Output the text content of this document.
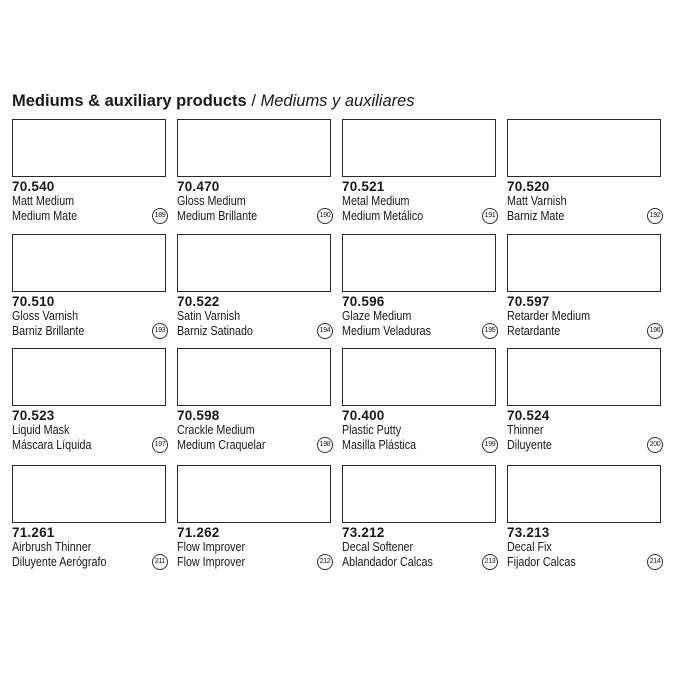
Mediums & auxiliary products / Mediums y auxiliares
70.540
Matt Medium
Medium Mate	189
70.470
Gloss Medium
Medium Brillante	190
70.521
Metal Medium
Medium Metálico	191
70.520
Matt Varnish
Barniz Mate	192
70.510
Gloss Varnish
Barniz Brillante	193
70.522
Satin Varnish
Barniz Satinado	194
70.596
Glaze Medium
Medium Veladuras	195
70.597
Retarder Medium
Retardante	196
70.523
Liquid Mask
Máscara Líquida	197
70.598
Crackle Medium
Medium Craquelar	198
70.400
Plastic Putty
Masilla Plástica	199
70.524
Thinner
Diluyente	200
71.261
Airbrush Thinner
Diluyente Aerógrafo	211
71.262
Flow Improver
Flow Improver	212
73.212
Decal Softener
Ablandador Calcas	213
73.213
Decal Fix
Fijador Calcas	214
